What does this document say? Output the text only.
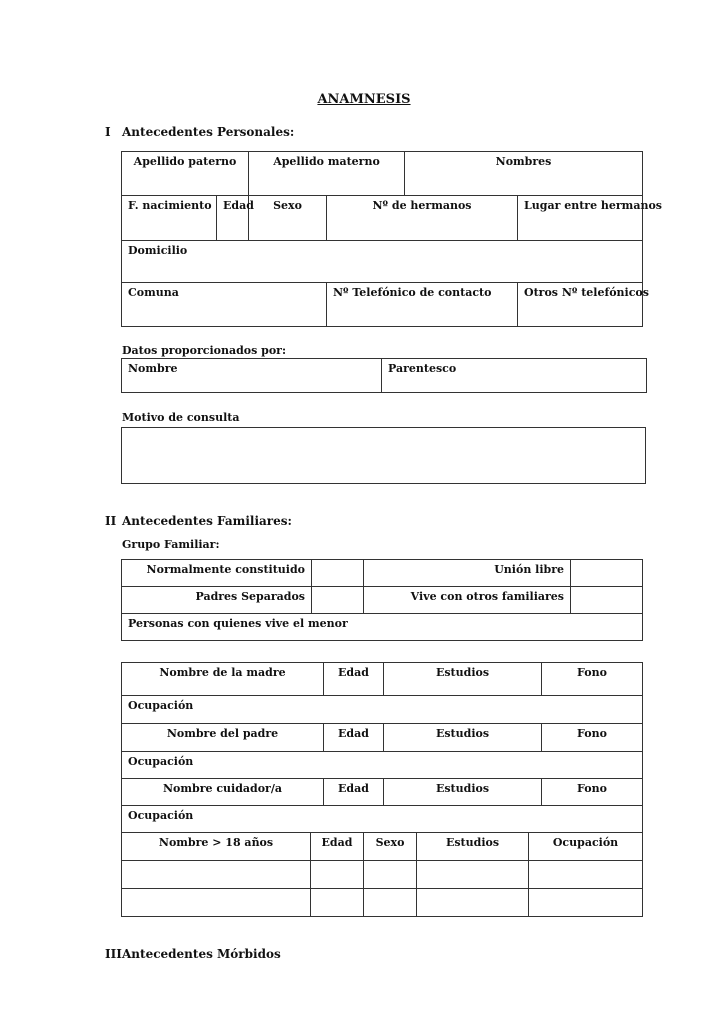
ANAMNESIS
I Antecedentes Personales:
Apellido paterno		Apellido materno		Nombres	
F. nacimiento	Edad	Sexo	Nº de hermanos		Lugar entre hermanos
Domicilio					
Comuna			Nº Telefónico de contacto		Otros Nº telefónicos
Datos proporcionados por:
Nombre	Parentesco
Motivo de consulta
II Antecedentes Familiares:
Grupo Familiar:
Normalmente constituido		Unión libre	
Padres Separados		Vive con otros familiares	
Personas con quienes vive el menor			
Nombre de la madre	Edad	Estudios	Fono
Ocupación			
Nombre del padre	Edad	Estudios	Fono
Ocupación			
Nombre cuidador/a	Edad	Estudios	Fono
Ocupación			
Nombre > 18 años	Edad	Sexo	Estudios	Ocupación

III Antecedentes Mórbidos
